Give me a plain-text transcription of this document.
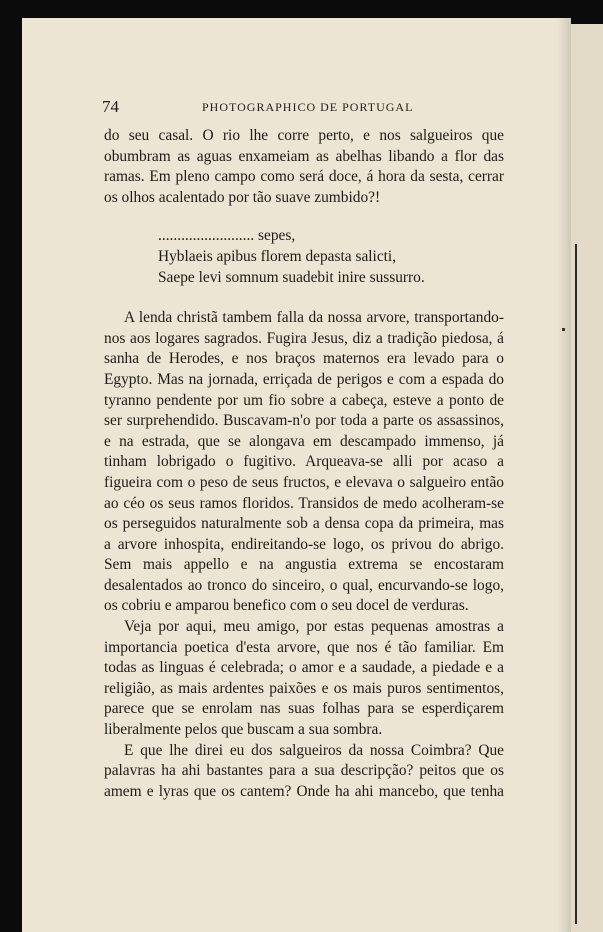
74	PHOTOGRAPHICO DE PORTUGAL

do seu casal. O rio lhe corre perto, e nos salgueiros que obumbram as aguas enxameiam as abelhas libando a flor das ramas. Em pleno campo como será doce, á hora da sesta, cerrar os olhos acalentado por tão suave zumbido?!

......................... sepes,
Hyblaeis apibus florem depasta salicti,
Saepe levi somnum suadebit inire sussurro.

A lenda christã tambem falla da nossa arvore, transportando-nos aos logares sagrados. Fugira Jesus, diz a tradição piedosa, á sanha de Herodes, e nos braços maternos era levado para o Egypto. Mas na jornada, erriçada de perigos e com a espada do tyranno pendente por um fio sobre a cabeça, esteve a ponto de ser surprehendido. Buscavam-n'o por toda a parte os assassinos, e na estrada, que se alongava em descampado immenso, já tinham lobrigado o fugitivo. Arqueava-se alli por acaso a figueira com o peso de seus fructos, e elevava o salgueiro então ao céo os seus ramos floridos. Transidos de medo acolheram-se os perseguidos naturalmente sob a densa copa da primeira, mas a arvore inhospita, endireitando-se logo, os privou do abrigo. Sem mais appello e na angustia extrema se encostaram desalentados ao tronco do sinceiro, o qual, encurvando-se logo, os cobriu e amparou benefico com o seu docel de verduras.

Veja por aqui, meu amigo, por estas pequenas amostras a importancia poetica d'esta arvore, que nos é tão familiar. Em todas as linguas é celebrada; o amor e a saudade, a piedade e a religião, as mais ardentes paixões e os mais puros sentimentos, parece que se enrolam nas suas folhas para se esperdiçarem liberalmente pelos que buscam a sua sombra.

E que lhe direi eu dos salgueiros da nossa Coimbra? Que palavras ha ahi bastantes para a sua descripção? peitos que os amem e lyras que os cantem? Onde ha ahi mancebo, que tenha
